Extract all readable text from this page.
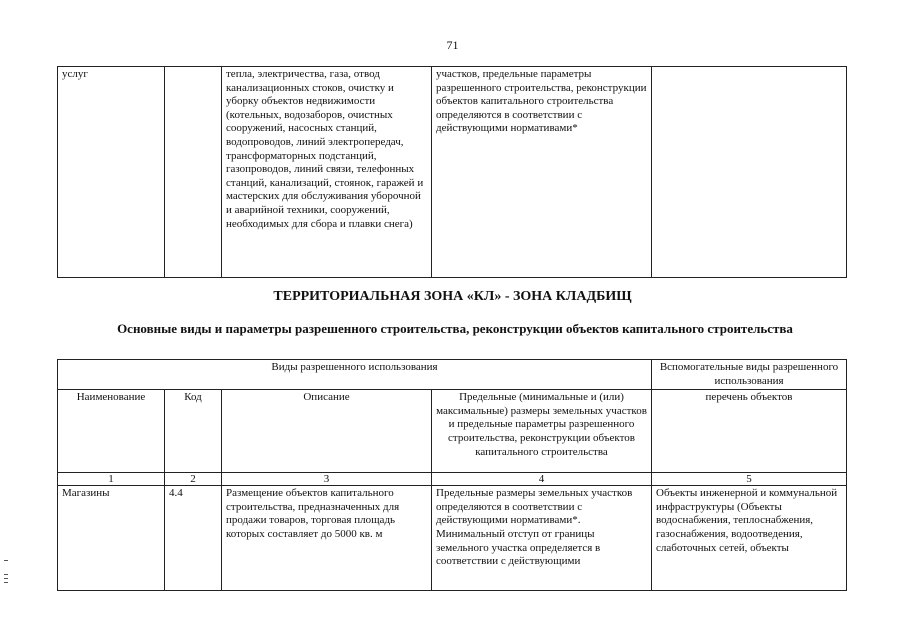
71
услуг		тепла, электричества, газа, отвод канализационных стоков, очистку и уборку объектов недвижимости (котельных, водозаборов, очистных сооружений, насосных станций, водопроводов, линий электропередач, трансформаторных подстанций, газопроводов, линий связи, телефонных станций, канализаций, стоянок, гаражей и мастерских для обслуживания уборочной и аварийной техники, сооружений, необходимых для сбора и плавки снега)	участков, предельные параметры разрешенного строительства, реконструкции объектов капитального строительства определяются в соответствии с действующими нормативами*	
ТЕРРИТОРИАЛЬНАЯ ЗОНА «КЛ» - ЗОНА КЛАДБИЩ
Основные виды и параметры разрешенного строительства, реконструкции объектов капитального строительства
Виды разрешенного использования				Вспомогательные виды разрешенного использования
Наименование	Код	Описание	Предельные (минимальные и (или) максимальные) размеры земельных участков и предельные параметры разрешенного строительства, реконструкции объектов капитального строительства	перечень объектов
1	2	3	4	5

Магазины	4.4	Размещение объектов капитального строительства, предназначенных для продажи товаров, торговая площадь которых составляет до 5000 кв. м	Предельные размеры земельных участков определяются в соответствии с действующими нормативами*. Минимальный отступ от границы земельного участка определяется в соответствии с действующими	Объекты инженерной и коммунальной инфраструктуры (Объекты водоснабжения, теплоснабжения, газоснабжения, водоотведения, слаботочных сетей, объекты
